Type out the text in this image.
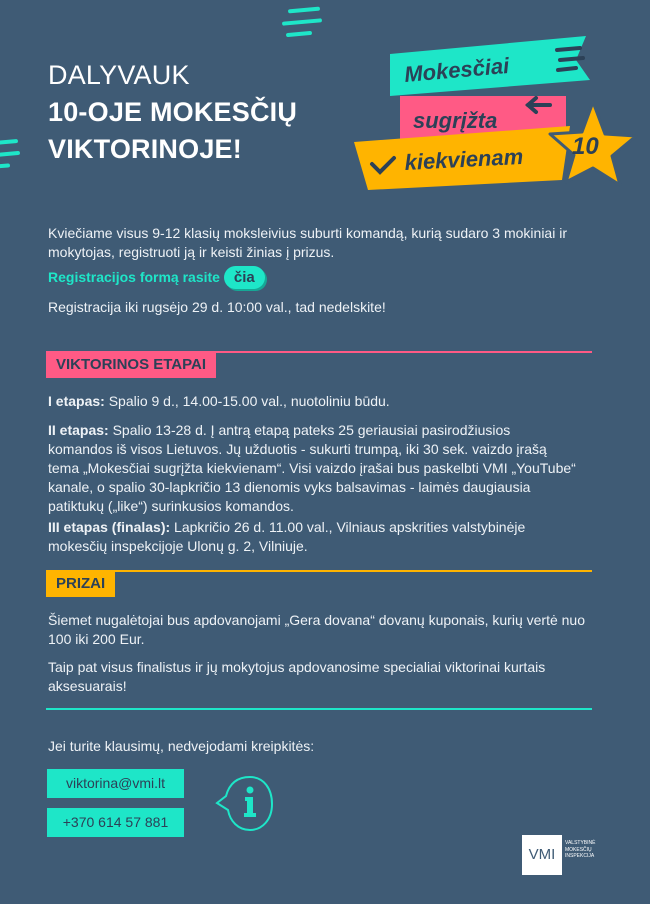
DALYVAUK
10-OJE MOKESČIŲ
VIKTORINOJE!
Mokesčiai
sugrįžta
kiekvienam 10
Kviečiame visus 9-12 klasių moksleivius suburti komandą, kurią sudaro 3 mokiniai ir mokytojas, registruoti ją ir keisti žinias į prizus.
Registracijos formą rasite čia
Registracija iki rugsėjo 29 d. 10:00 val., tad nedelskite!
VIKTORINOS ETAPAI
I etapas: Spalio 9 d., 14.00-15.00 val., nuotoliniu būdu.
II etapas: Spalio 13-28 d. Į antrą etapą pateks 25 geriausiai pasirodžiusios komandos iš visos Lietuvos. Jų užduotis - sukurti trumpą, iki 30 sek. vaizdo įrašą tema „Mokesčiai sugrįžta kiekvienam“. Visi vaizdo įrašai bus paskelbti VMI „YouTube“ kanale, o spalio 30-lapkričio 13 dienomis vyks balsavimas - laimės daugiausia patiktukų („like“) surinkusios komandos.
III etapas (finalas): Lapkričio 26 d. 11.00 val., Vilniaus apskrities valstybinėje mokesčių inspekcijoje Ulonų g. 2, Vilniuje.
PRIZAI
Šiemet nugalėtojai bus apdovanojami „Gera dovana“ dovanų kuponais, kurių vertė nuo 100 iki 200 Eur.
Taip pat visus finalistus ir jų mokytojus apdovanosime specialiai viktorinai kurtais aksesuarais!
Jei turite klausimų, nedvejodami kreipkitės:
viktorina@vmi.lt
+370 614 57 881
VMI
VALSTYBINĖ
MOKESČIŲ
INSPEKCIJA
